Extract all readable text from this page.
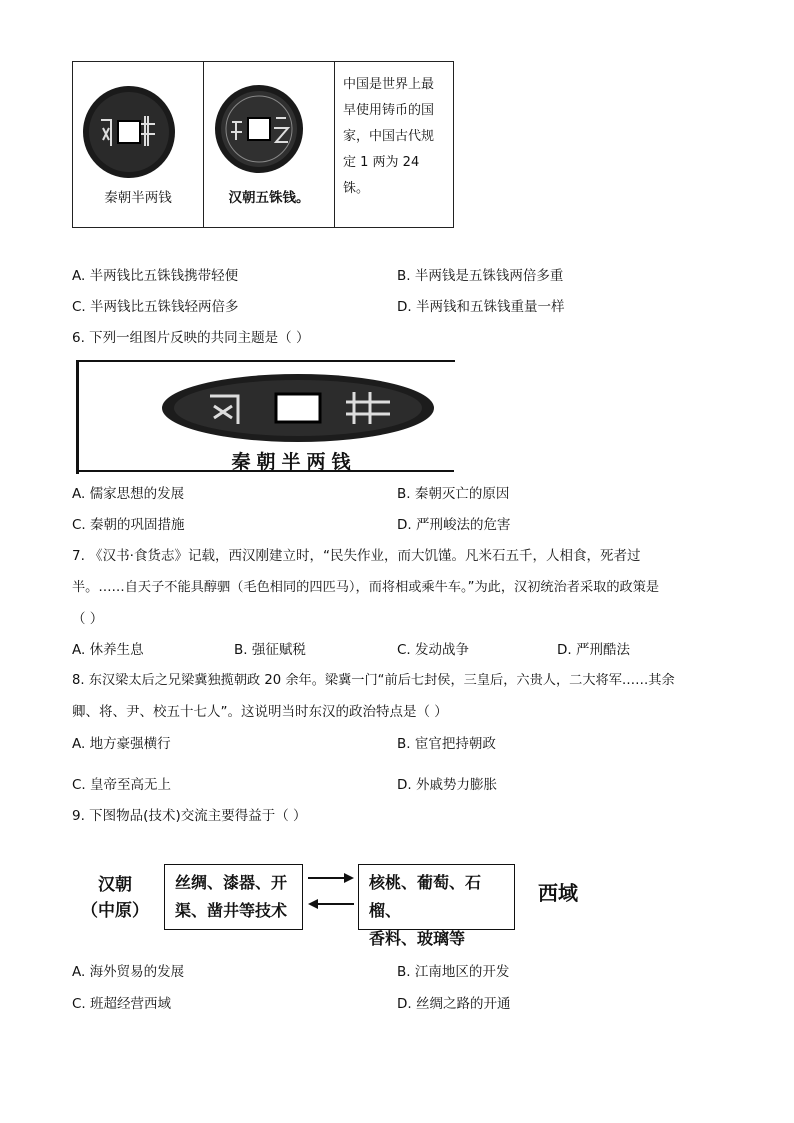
秦朝半两钱	汉朝五铢钱。

中国是世界上最
早使用铸币的国
家，中国古代规
定 1 两为 24
铢。
A. 半两钱比五铢钱携带轻便	B. 半两钱是五铢钱两倍多重
C. 半两钱比五铢钱轻两倍多	D. 半两钱和五铢钱重量一样
6. 下列一组图片反映的共同主题是（ ）
秦朝半两钱
A. 儒家思想的发展	B. 秦朝灭亡的原因
C. 秦朝的巩固措施	D. 严刑峻法的危害
7. 《汉书·食货志》记载，西汉刚建立时，“民失作业，而大饥馑。凡米石五千，人相食，死者过
半。……自天子不能具醇驷（毛色相同的四匹马），而将相或乘牛车。”为此，汉初统治者采取的政策是
（ ）
A. 休养生息	B. 强征赋税	C. 发动战争	D. 严刑酷法
8. 东汉梁太后之兄梁冀独揽朝政 20 余年。梁冀一门“前后七封侯，三皇后，六贵人，二大将军……其余
卿、将、尹、校五十七人”。这说明当时东汉的政治特点是（ ）
A. 地方豪强横行	B. 宦官把持朝政
C. 皇帝至高无上	D. 外戚势力膨胀
9. 下图物品(技术)交流主要得益于（ ）
汉朝
（中原）
丝绸、漆器、开
渠、凿井等技术
核桃、葡萄、石榴、
香料、玻璃等
西域
A. 海外贸易的发展	B. 江南地区的开发
C. 班超经营西域	D. 丝绸之路的开通
